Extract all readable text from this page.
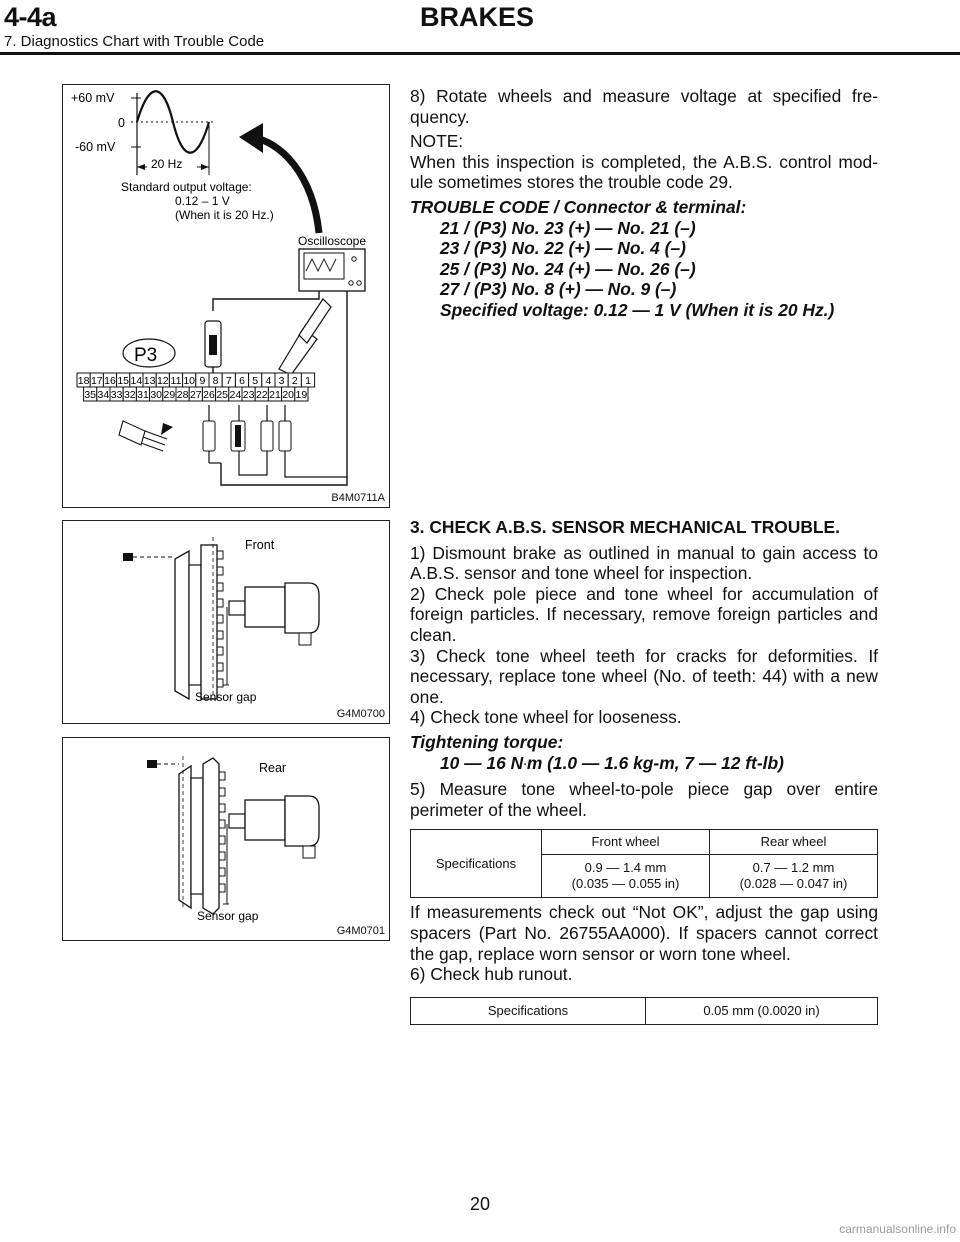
4-4a	BRAKES
7. Diagnostics Chart with Trouble Code
+60 mV
0
-60 mV
20 Hz
Standard output voltage:
0.12 – 1 V
(When it is 20 Hz.)
Oscilloscope
P3
18 17 16 15 14 13 12 11 10 9 8 7 6 5 4 3 2 1
35 34 33 32 31 30 29 28 27 26 25 24 23 22 21 20 19
B4M0711A
Front
Sensor gap
G4M0700
Rear
Sensor gap
G4M0701

8) Rotate wheels and measure voltage at specified fre-quency.

NOTE:

When this inspection is completed, the A.B.S. control mod-ule sometimes stores the trouble code 29.

TROUBLE CODE / Connector & terminal:

21 / (P3) No. 23 (+) — No. 21 (–)

23 / (P3) No. 22 (+) — No. 4 (–)

25 / (P3) No. 24 (+) — No. 26 (–)

27 / (P3) No. 8 (+) — No. 9 (–)

Specified voltage: 0.12 — 1 V (When it is 20 Hz.)

3. CHECK A.B.S. SENSOR MECHANICAL TROUBLE.

1) Dismount brake as outlined in manual to gain access to A.B.S. sensor and tone wheel for inspection.

2) Check pole piece and tone wheel for accumulation of foreign particles. If necessary, remove foreign particles and clean.

3) Check tone wheel teeth for cracks for deformities. If necessary, replace tone wheel (No. of teeth: 44) with a new one.

4) Check tone wheel for looseness.

Tightening torque:

10 — 16 N·m (1.0 — 1.6 kg-m, 7 — 12 ft-lb)

5) Measure tone wheel-to-pole piece gap over entire perimeter of the wheel.

Specifications	Front wheel	Rear wheel
	0.9 — 1.4 mm
(0.035 — 0.055 in)	0.7 — 1.2 mm
(0.028 — 0.047 in)

If measurements check out “Not OK”, adjust the gap using spacers (Part No. 26755AA000). If spacers cannot correct the gap, replace worn sensor or worn tone wheel.

6) Check hub runout.

Specifications	0.05 mm (0.0020 in)
20
carmanualsonline.info
